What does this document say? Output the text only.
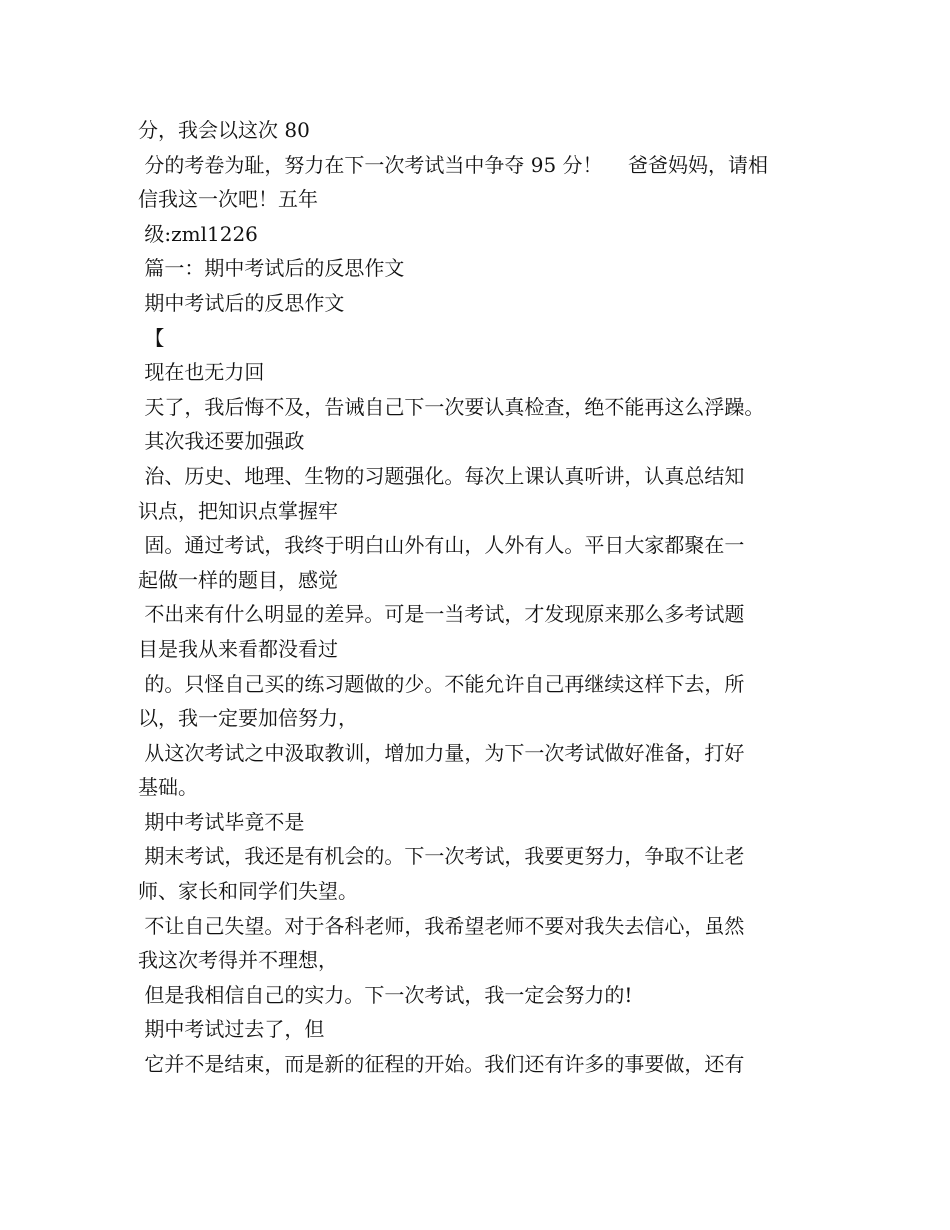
分，我会以这次 80
分的考卷为耻，努力在下一次考试当中争夺 95 分！    爸爸妈妈，请相
信我这一次吧！五年
级:zml1226
篇一：期中考试后的反思作文
期中考试后的反思作文
【
现在也无力回
天了，我后悔不及，告诫自己下一次要认真检查，绝不能再这么浮躁。
其次我还要加强政
治、历史、地理、生物的习题强化。每次上课认真听讲，认真总结知
识点，把知识点掌握牢
固。通过考试，我终于明白山外有山，人外有人。平日大家都聚在一
起做一样的题目，感觉
不出来有什么明显的差异。可是一当考试，才发现原来那么多考试题
目是我从来看都没看过
的。只怪自己买的练习题做的少。不能允许自己再继续这样下去，所
以，我一定要加倍努力，
从这次考试之中汲取教训，增加力量，为下一次考试做好准备，打好
基础。
期中考试毕竟不是
期末考试，我还是有机会的。下一次考试，我要更努力，争取不让老
师、家长和同学们失望。
不让自己失望。对于各科老师，我希望老师不要对我失去信心，虽然
我这次考得并不理想，
但是我相信自己的实力。下一次考试，我一定会努力的!
期中考试过去了，但
它并不是结束，而是新的征程的开始。我们还有许多的事要做，还有
